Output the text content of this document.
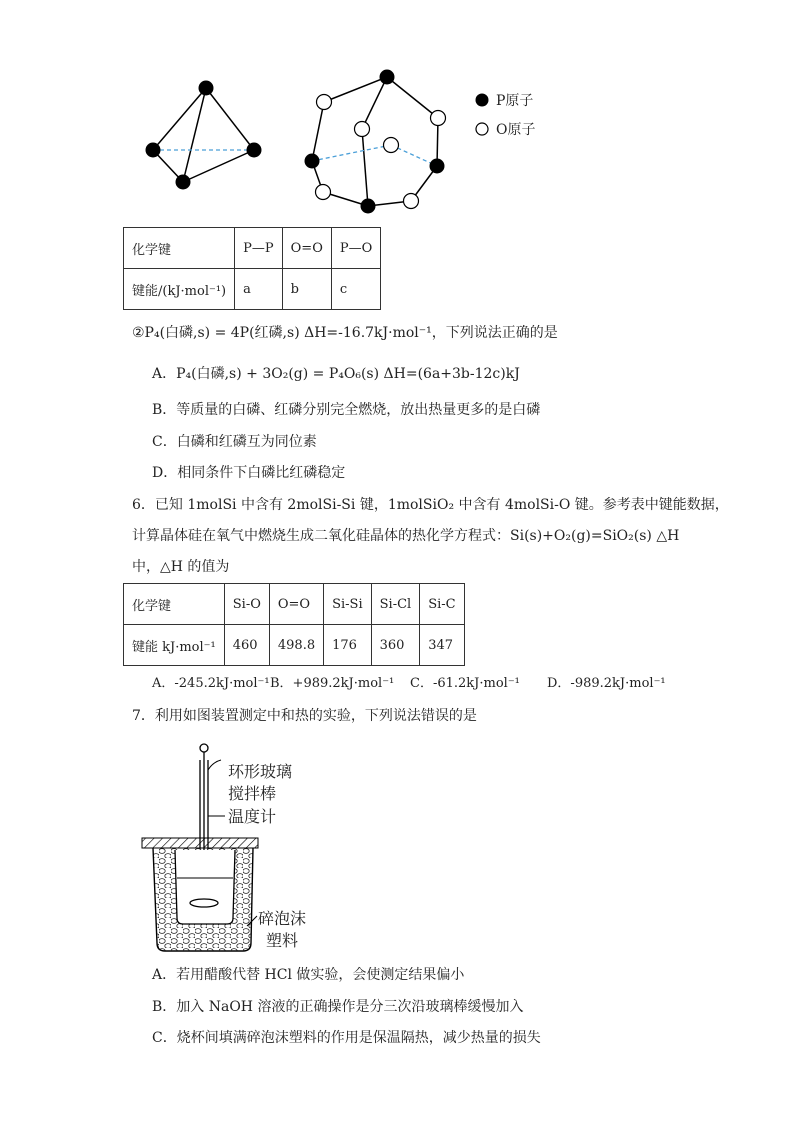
P原子
O原子
化学键	P—P	O=O	P—O
键能/(kJ·mol⁻¹)	a	b	c
②P₄(白磷,s) = 4P(红磷,s) ΔH=-16.7kJ·mol⁻¹，下列说法正确的是
A．P₄(白磷,s) + 3O₂(g) = P₄O₆(s) ΔH=(6a+3b-12c)kJ
B．等质量的白磷、红磷分别完全燃烧，放出热量更多的是白磷
C．白磷和红磷互为同位素
D．相同条件下白磷比红磷稳定
6．已知 1molSi 中含有 2molSi-Si 键，1molSiO₂ 中含有 4molSi-O 键。参考表中键能数据，
计算晶体硅在氧气中燃烧生成二氧化硅晶体的热化学方程式：Si(s)+O₂(g)=SiO₂(s) △H
中，△H 的值为
化学键	Si-O	O=O	Si-Si	Si-Cl	Si-C
键能 kJ·mol⁻¹	460	498.8	176	360	347
A．-245.2kJ·mol⁻¹ B．+989.2kJ·mol⁻¹ C．-61.2kJ·mol⁻¹ D．-989.2kJ·mol⁻¹
7．利用如图装置测定中和热的实验，下列说法错误的是
环形玻璃
搅拌棒
温度计
碎泡沫
塑料
A．若用醋酸代替 HCl 做实验，会使测定结果偏小
B．加入 NaOH 溶液的正确操作是分三次沿玻璃棒缓慢加入
C．烧杯间填满碎泡沫塑料的作用是保温隔热，减少热量的损失
